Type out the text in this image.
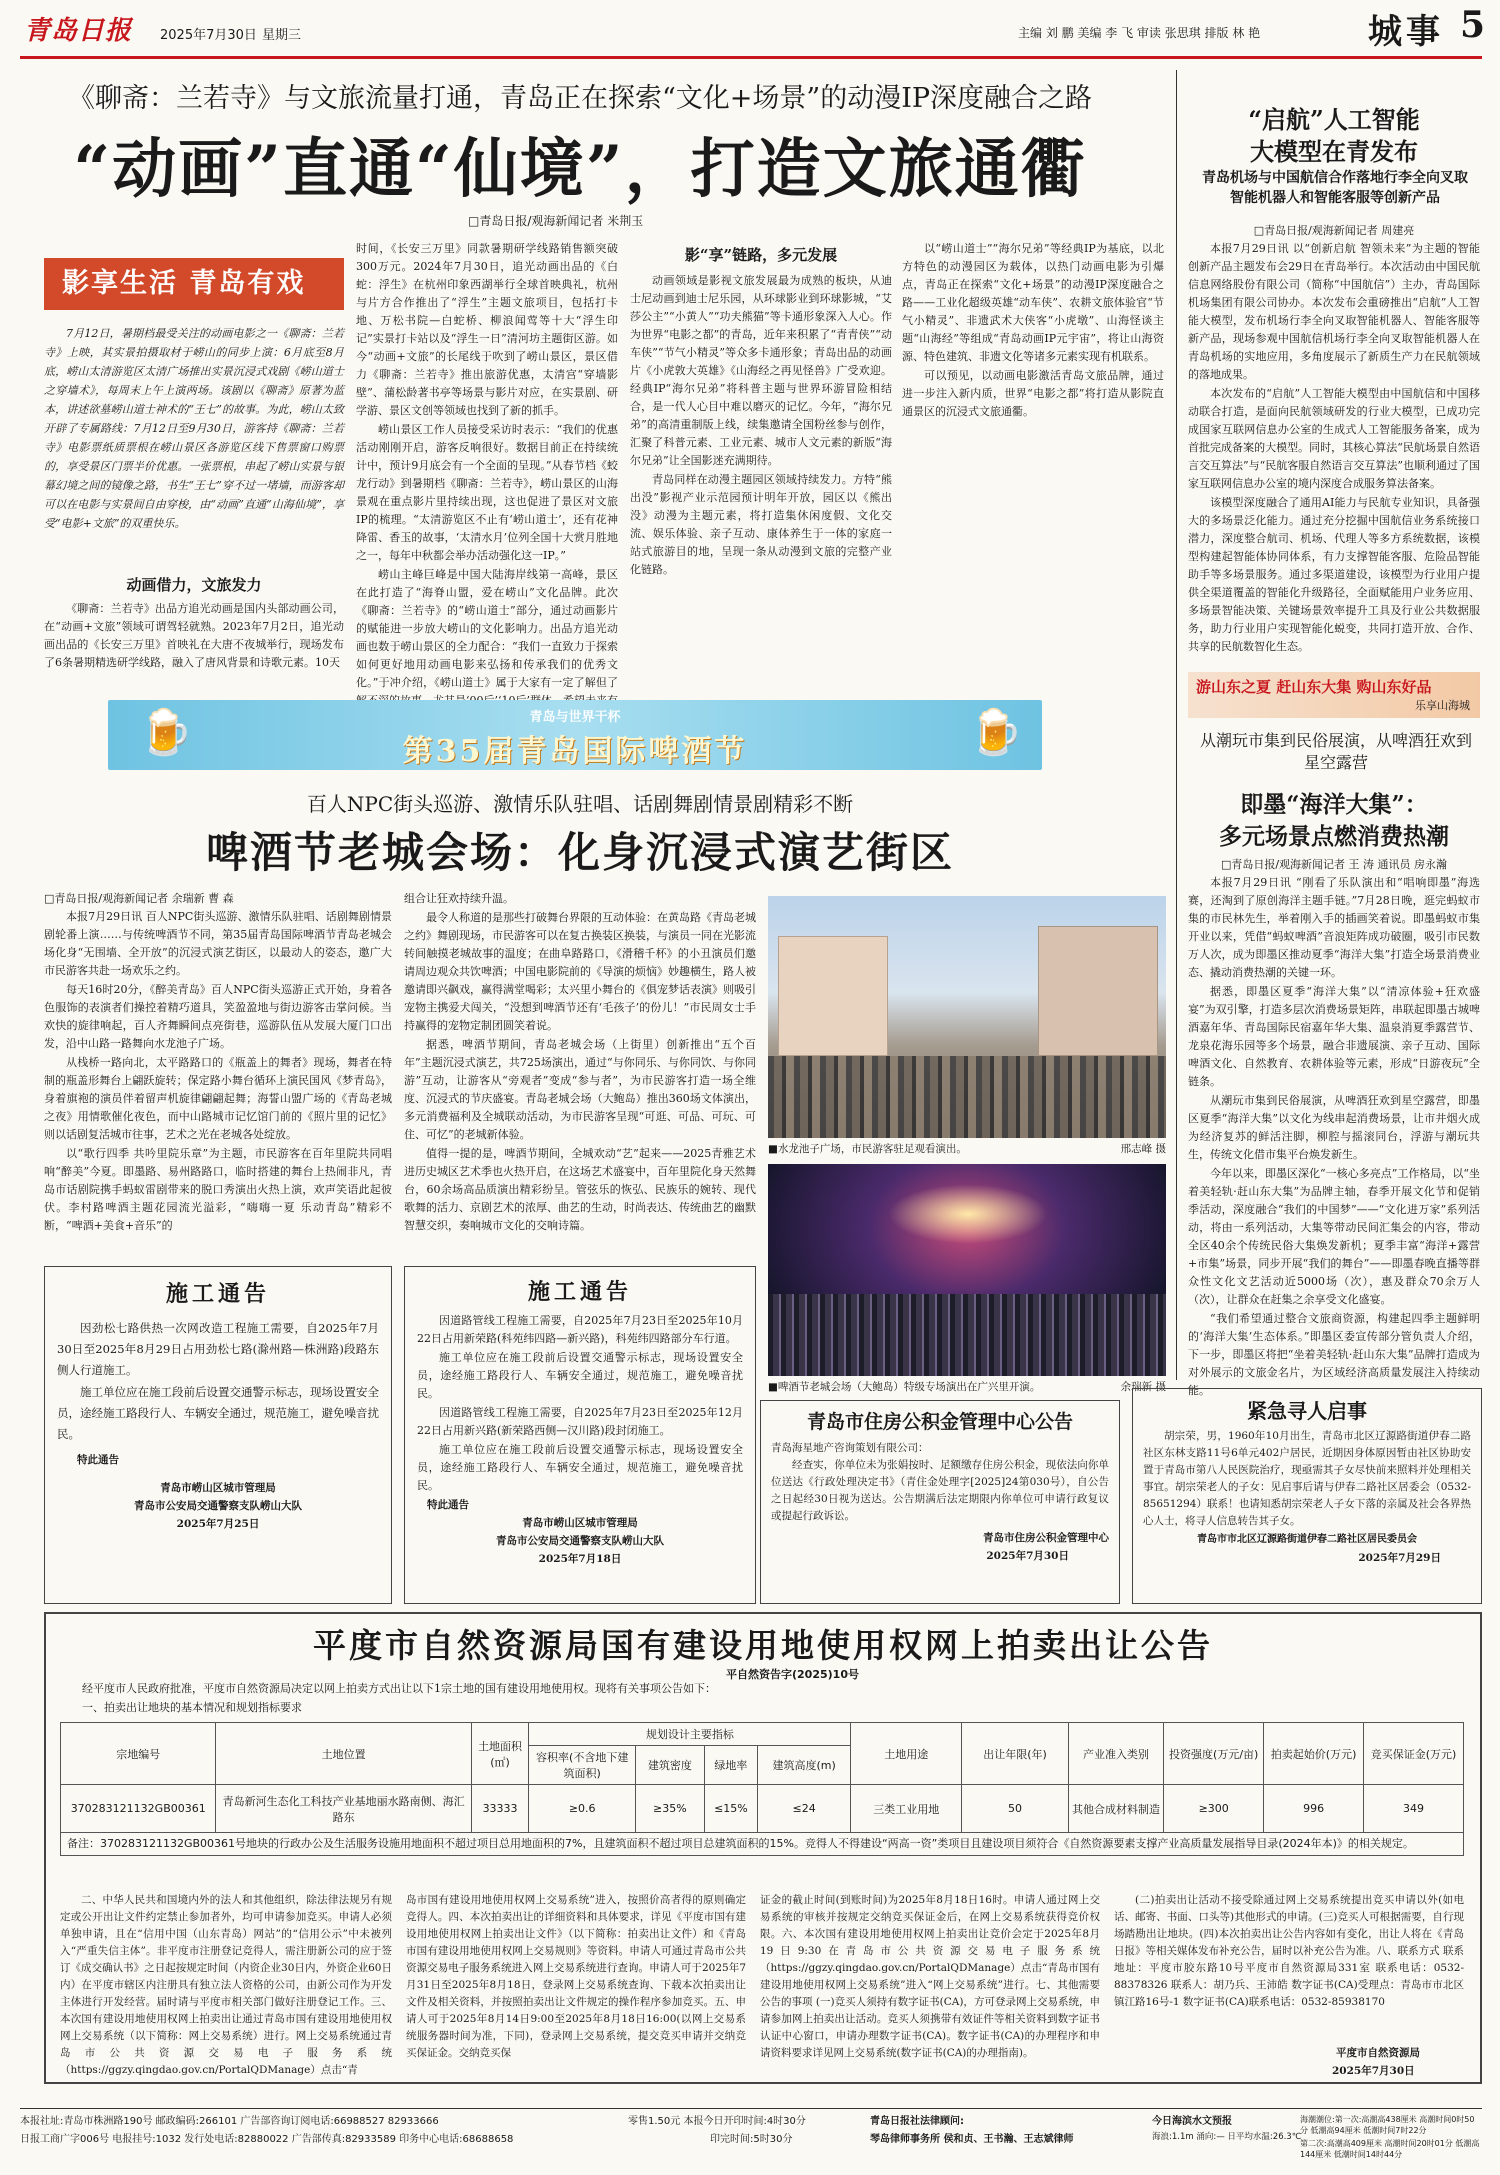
青岛日报 2025年7月30日 星期三	主编 刘 鹏 美编 李 飞 审读 张思琪 排版 林 艳	城事 5
《聊斋：兰若寺》与文旅流量打通，青岛正在探索“文化+场景”的动漫IP深度融合之路
“动画”直通“仙境”，打造文旅通衢
□青岛日报/观海新闻记者 米荆玉
影享生活 青岛有戏

7月12日，暑期档最受关注的动画电影之一《聊斋：兰若寺》上映，其实景拍摄取材于崂山的同步上演：6月底至8月底，崂山太清游览区太清广场推出实景沉浸式戏剧《崂山道士之穿墙术》，每周末上午上演两场。该剧以《聊斋》原著为蓝本，讲述欲墓崂山道士神术的“王七”的故事。为此，崂山太致开辟了专属路线：7月12日至9月30日，游客持《聊斋：兰若寺》电影票纸质票根在崂山景区各游览区线下售票窗口购票的，享受景区门票半价优惠。一张票根，串起了崂山实景与银幕幻境之间的镜像之路，书生“王七”穿不过一堵墙，而游客却可以在电影与实景间自由穿梭，由“动画”直通“山海仙境”，享受“电影+文旅”的双重快乐。

动画借力，文旅发力

《聊斋：兰若寺》出品方追光动画是国内头部动画公司，在“动画+文旅”领域可谓驾轻就熟。2023年7月2日，追光动画出品的《长安三万里》首映礼在大唐不夜城举行，现场发布了6条暑期精选研学线路，融入了唐风背景和诗歌元素。10天

时间，《长安三万里》同款暑期研学线路销售额突破300万元。2024年7月30日，追光动画出品的《白蛇：浮生》在杭州印象西湖举行全球首映典礼，杭州与片方合作推出了“浮生”主题文旅项目，包括打卡地、万松书院—白蛇桥、柳浪闻莺等十大“浮生印记”实景打卡站以及“浮生一日”清河坊主题街区游。如今“动画+文旅”的长尾线于吹到了崂山景区，景区借力《聊斋：兰若寺》推出旅游优惠，太清宫“穿墙影壁”、蒲松龄著书亭等场景与影片对应，在实景剧、研学游、景区文创等领域也找到了新的抓手。

崂山景区工作人员接受采访时表示：“我们的优惠活动刚刚开启，游客反响很好。数据目前正在持续统计中，预计9月底会有一个全面的呈现。”从春节档《蛟龙行动》到暑期档《聊斋：兰若寺》，崂山景区的山海景观在重点影片里持续出现，这也促进了景区对文旅IP的梳理。“太清游览区不止有‘崂山道士’，还有花神降雷、香玉的故事，‘太清水月’位列全国十大赏月胜地之一，每年中秋都会举办活动强化这一IP。”

崂山主峰巨峰是中国大陆海岸线第一高峰，景区在此打造了“海脊山盟，爱在崂山”文化品牌。此次《聊斋：兰若寺》的“崂山道士”部分，通过动画影片的赋能进一步放大崂山的文化影响力。出品方追光动画也数于崂山景区的全力配合：“我们一直致力于探索如何更好地用动画电影来弘扬和传承我们的优秀文化。”于冲介绍，《崂山道士》属于大家有一定了解但了

影“享”链路，多元发展

动画领域是影视文旅发展最为成熟的板块，从迪士尼动画到迪士尼乐园，从环球影业到环球影城，“艾莎公主”“小黄人”“功夫熊猫”等卡通形象深入人心。作为世界“电影之都”的青岛，近年来积累了“青青侠”“动车侠”“节气小精灵”等众多卡通形象；青岛出品的动画片《小虎敦大英雄》《山海经之再见怪兽》广受欢迎。经典IP“海尔兄弟”将科普主题与世界环游冒险相结合，是一代人心目中难以磨灭的记忆。今年，“海尔兄弟”的高清重制版上线，续集邀请全国粉丝参与创作，汇聚了科普元素、工业元素、城市人文元素的新版“海尔兄弟”让全国影迷充满期待。

青岛同样在动漫主题园区领域持续发力。方特“熊出没”影视产业示范园预计明年开放，园区以《熊出没》动漫为主题元素，将打造集休闲度假、文化交流、娱乐体验、亲子互动、康体养生于一体的家庭一站式旅游目的地，呈现一条从动漫到文旅的完整产业化链路。

以“崂山道士”“海尔兄弟”等经典IP为基底，以北方特色的动漫园区为载体，以热门动画电影为引爆点，青岛正在探索“文化+场景”的动漫IP深度融合之路——工业化超级英雄“动车侠”、农耕文旅体验官“节气小精灵”、非遗武术大侠客“小虎墩”、山海怪谈主题“山海经”等组成“青岛动画IP元宇宙”，将让山海资源、特色建筑、非遗文化等诸多元素实现有机联系。

可以预见，以动画电影激活青岛文旅品牌，通过进一步注入新内质，世界“电影之都”将打造从影院直通景区的沉浸式文旅通衢。

“启航”人工智能
大模型在青发布
青岛机场与中国航信合作落地行李全向叉取智能机器人和智能客服等创新产品
□青岛日报/观海新闻记者 周建亮

本报7月29日讯 以“创新启航 智领未来”为主题的智能创新产品主题发布会29日在青岛举行。本次活动由中国民航信息网络股份有限公司（简称“中国航信”）主办，青岛国际机场集团有限公司协办。本次发布会重磅推出“启航”人工智能大模型，发布机场行李全向叉取智能机器人、智能客服等新产品，现场参观中国航信机场行李全向叉取智能机器人在青岛机场的实地应用，多角度展示了新质生产力在民航领域的落地成果。

本次发布的“启航”人工智能大模型由中国航信和中国移动联合打造，是面向民航领域研发的行业大模型，已成功完成国家互联网信息办公室的生成式人工智能服务备案，成为首批完成备案的大模型。同时，其核心算法“民航场景自然语言交互算法”与“民航客服自然语言交互算法”也顺利通过了国家互联网信息办公室的境内深度合成服务算法备案。

该模型深度融合了通用AI能力与民航专业知识，具备强大的多场景泛化能力。通过充分挖掘中国航信业务系统接口潜力，深度整合航司、机场、代理人等多方系统数据，该模型构建起智能体协同体系，有力支撑智能客服、危险品智能助手等多场景服务。通过多渠道建设，该模型为行业用户提供全渠道覆盖的智能化升级路径，全面赋能用户业务应用、多场景智能决策、关键场景效率提升工具及行业公共数据服务，助力行业用户实现智能化蜕变，共同打造开放、合作、共享的民航数智化生态。

游山东之夏 赶山东大集 购山东好品
乐享山海城
从潮玩市集到民俗展演，从啤酒狂欢到星空露营
即墨“海洋大集”：
多元场景点燃消费热潮
□青岛日报/观海新闻记者 王 涛 通讯员 房永瀚

本报7月29日讯 “刚看了乐队演出和“唱响即墨”海选赛，还淘到了原创海洋主题手链。”7月28日晚，逛完蚂蚁市集的市民林先生，举着刚入手的插画笑着说。即墨蚂蚁市集开业以来，凭借“蚂蚁啤酒”音浪矩阵成功破圈，吸引市民数万人次，成为即墨区推动夏季“海洋大集”打造全场景消费业态、撬动消费热潮的关键一环。

据悉，即墨区夏季“海洋大集”以“清凉体验+狂欢盛宴”为双引擎，打造多层次消费场景矩阵，串联起即墨古城啤酒嘉年华、青岛国际民宿嘉年华大集、温泉消夏季露营节、龙泉花海乐园等多个场景，融合非遗展演、亲子互动、国际啤酒文化、自然教育、农耕体验等元素，形成“日游夜玩”全链条。

从潮玩市集到民俗展演，从啤酒狂欢到星空露营，即墨区夏季“海洋大集”以文化为线串起消费场景，让市井烟火成为经济复苏的鲜活注脚，柳腔与摇滚同台，浮游与潮玩共生，传统文化借市集平台焕发新生。

今年以来，即墨区深化“一核心多亮点”工作格局，以“坐着美轻轨·赶山东大集”为品牌主轴，春季开展文化节和促销季活动，深度融合“我们的中国梦”——“文化进万家”系列活动，将由一系列活动，大集等带动民间汇集会的内容，带动全区40余个传统民俗大集焕发新机；夏季丰富“海洋+露营+市集”场景，同步开展“我们的舞台”——即墨春晚直播等群众性文化文艺活动近5000场（次），惠及群众70余万人（次），让群众在赶集之余享受文化盛宴。

“我们希望通过整合文旅商资源，构建起四季主题鲜明的‘海洋大集’生态体系。”即墨区委宣传部分管负责人介绍，下一步，即墨区将把“坐着美轻轨·赶山东大集”品牌打造成为对外展示的文旅金名片，为区域经济高质量发展注入持续动能。

🍺	🍺
青岛与世界干杯
第35届青岛国际啤酒节
百人NPC街头巡游、激情乐队驻唱、话剧舞剧情景剧精彩不断
啤酒节老城会场：化身沉浸式演艺街区
□青岛日报/观海新闻记者 余瑞新 曹 森

本报7月29日讯 百人NPC街头巡游、激情乐队驻唱、话剧舞剧情景剧轮番上演……与传统啤酒节不同，第35届青岛国际啤酒节青岛老城会场化身“无围墙、全开放”的沉浸式演艺街区，以最动人的姿态，邀广大市民游客共赴一场欢乐之约。

每天16时20分，《醉美青岛》百人NPC街头巡游正式开始，身着各色服饰的表演者们操控着精巧道具，笑盈盈地与街边游客击掌问候。当欢快的旋律响起，百人齐舞瞬间点亮街巷，巡游队伍从发展大厦门口出发，沿中山路一路舞向水龙池子广场。

从栈桥一路向北，太平路路口的《瓶盖上的舞者》现场，舞者在特制的瓶盖形舞台上翩跃旋转；保定路小舞台循环上演民国风《梦青岛》，身着旗袍的演员伴着留声机旋律翩翩起舞；海誓山盟广场的《青岛老城之夜》用情歌催化夜色，而中山路城市记忆馆门前的《照片里的记忆》则以话剧复活城市往事，艺术之光在老城各处绽放。

以“歌行四季 共吟里院乐章”为主题，市民游客在百年里院共同唱响“醉美”今夏。即墨路、易州路路口，临时搭建的舞台上热闹非凡，青岛市话剧院携手蚂蚁雷剧带来的脱口秀演出火热上演，欢声笑语此起彼伏。李村路啤酒主题花园流光溢彩，“嗨嗨一夏 乐动青岛”精彩不断，“啤酒+美食+音乐”的

组合让狂欢持续升温。

最令人称道的是那些打破舞台界限的互动体验：在黄岛路《青岛老城之约》舞剧现场，市民游客可以在复古换装区换装，与演员一同在光影流转间触摸老城故事的温度；在曲阜路路口，《滑稽千杯》的小丑演员们邀请周边观众共饮啤酒；中国电影院前的《导演的烦恼》妙趣横生，路人被邀请即兴飙戏，赢得满堂喝彩；太兴里小舞台的《俱宠梦话表演》则吸引宠物主携爱犬闯关，“没想到啤酒节还有‘毛孩子’的份儿！”市民周女士手持赢得的宠物定制团圆笑着说。

据悉，啤酒节期间，青岛老城会场（上街里）创新推出“五个百年”主题沉浸式演艺，共725场演出，通过“与你同乐、与你同饮、与你同游”互动，让游客从“旁观者”变成“参与者”，为市民游客打造一场全维度、沉浸式的节庆盛宴。青岛老城会场（大鲍岛）推出360场文体演出，多元消费福利及全城联动活动，为市民游客呈现“可逛、可品、可玩、可住、可忆”的老城新体验。

值得一提的是，啤酒节期间，全城欢动“艺”起来——2025青雅艺术进历史城区艺术季也火热开启，在这场艺术盛宴中，百年里院化身天然舞台，60余场高品质演出精彩纷呈。管弦乐的恢弘、民族乐的婉转、现代歌舞的活力、京剧艺术的浓厚、曲艺的生动，时尚表达、传统曲艺的幽默智慧交织，奏响城市文化的交响诗篇。

■水龙池子广场，市民游客驻足观看演出。	邢志峰 摄
■啤酒节老城会场（大鲍岛）特级专场演出在广兴里开演。	余瑞新 摄
施工通告

因劲松七路供热一次网改造工程施工需要，自2025年7月30日至2025年8月29日占用劲松七路(滁州路—株洲路)段路东侧人行道施工。

施工单位应在施工段前后设置交通警示标志，现场设置安全员，途经施工路段行人、车辆安全通过，规范施工，避免噪音扰民。

特此通告
青岛市崂山区城市管理局
青岛市公安局交通警察支队崂山大队
2025年7月25日
施工通告

因道路管线工程施工需要，自2025年7月23日至2025年10月22日占用新荣路(科苑纬四路—新兴路)，科苑纬四路部分车行道。

施工单位应在施工段前后设置交通警示标志，现场设置安全员，途经施工路段行人、车辆安全通过，规范施工，避免噪音扰民。

因道路管线工程施工需要，自2025年7月23日至2025年12月22日占用新兴路(新荣路西侧—汉川路)段封闭施工。

施工单位应在施工段前后设置交通警示标志，现场设置安全员，途经施工路段行人、车辆安全通过，规范施工，避免噪音扰民。

特此通告
青岛市崂山区城市管理局
青岛市公安局交通警察支队崂山大队
2025年7月18日
青岛市住房公积金管理中心公告
青岛海星地产咨询策划有限公司：

经查实，你单位未为张娟按时、足额缴存住房公积金，现依法向你单位送达《行政处理决定书》（青住金处理字[2025]24第030号），自公告之日起经30日视为送达。公告期满后法定期限内你单位可申请行政复议或提起行政诉讼。

青岛市住房公积金管理中心
2025年7月30日
紧急寻人启事

胡宗荣，男，1960年10月出生，青岛市北区辽源路街道伊春二路社区东林支路11号6单元402户居民，近期因身体原因暂由社区协助安置于青岛市第八人民医院治疗，现亟需其子女尽快前来照料并处理相关事宜。胡宗荣老人的子女：见启事后请与伊春二路社区居委会（0532-85651294）联系！也请知悉胡宗荣老人子女下落的亲属及社会各界热心人士，将寻人信息转告其子女。

青岛市市北区辽源路街道伊春二路社区居民委员会
2025年7月29日
平度市自然资源局国有建设用地使用权网上拍卖出让公告
平自然资告字(2025)10号

经平度市人民政府批准，平度市自然资源局决定以网上拍卖方式出让以下1宗土地的国有建设用地使用权。现将有关事项公告如下：

一、拍卖出让地块的基本情况和规划指标要求
宗地编号	土地位置	土地面积(㎡)	规划设计主要指标				土地用途	出让年限(年)	产业准入类别	投资强度(万元/亩)	拍卖起始价(万元)	竞买保证金(万元)
			容积率(不含地下建筑面积)	建筑密度	绿地率	建筑高度(m)						
370283121132GB00361	青岛新河生态化工科技产业基地丽水路南侧、海汇路东	33333	≥0.6	≥35%	≤15%	≤24	三类工业用地	50	其他合成材料制造	≥300	996	349
备注：370283121132GB00361号地块的行政办公及生活服务设施用地面积不超过项目总用地面积的7%，且建筑面积不超过项目总建筑面积的15%。竞得人不得建设“两高一资”类项目且建设项目须符合《自然资源要素支撑产业高质量发展指导目录(2024年本)》的相关规定。												

二、中华人民共和国境内外的法人和其他组织，除法律法规另有规定或公开出让文件约定禁止参加者外，均可申请参加竞买。申请人必须单独申请，且在“信用中国（山东青岛）网站”的“信用公示”中未被列入“严重失信主体”。非平度市注册登记竞得人，需注册新公司的应于签订《成交确认书》之日起按规定时间（内资企业30日内，外资企业60日内）在平度市辖区内注册具有独立法人资格的公司，由新公司作为开发主体进行开发经营。届时请与平度市相关部门做好注册登记工作。三、本次国有建设用地使用权网上拍卖出让通过青岛市国有建设用地使用权网上交易系统（以下简称：网上交易系统）进行。网上交易系统通过青岛市公共资源交易电子服务系统（https://ggzy.qingdao.gov.cn/PortalQDManage）点击“青

岛市国有建设用地使用权网上交易系统”进入，按照价高者得的原则确定竞得人。四、本次拍卖出让的详细资料和具体要求，详见《平度市国有建设用地使用权网上拍卖出让文件》（以下简称：拍卖出让文件）和《青岛市国有建设用地使用权网上交易规则》等资料。申请人可通过青岛市公共资源交易电子服务系统进入网上交易系统进行查询。申请人可于2025年7月31日至2025年8月18日，登录网上交易系统查询、下载本次拍卖出让文件及相关资料，并按照拍卖出让文件规定的操作程序参加竞买。五、申请人可于2025年8月14日9:00至2025年8月18日16:00(以网上交易系统服务器时间为准，下同)，登录网上交易系统，提交竞买申请并交纳竞买保证金。交纳竞买保

证金的截止时间(到账时间)为2025年8月18日16时。申请人通过网上交易系统的审核并按规定交纳竞买保证金后，在网上交易系统获得竞价权限。六、本次国有建设用地使用权网上拍卖出让竞价会定于2025年8月19日9:30在青岛市公共资源交易电子服务系统（https://ggzy.qingdao.gov.cn/PortalQDManage）点击“青岛市国有建设用地使用权网上交易系统”进入“网上交易系统”进行。七、其他需要公告的事项 (一)竞买人须持有数字证书(CA)，方可登录网上交易系统，申请参加网上拍卖出让活动。竞买人须携带有效证件等相关资料到数字证书认证中心窗口，申请办理数字证书(CA)。数字证书(CA)的办理程序和申请资料要求详见网上交易系统(数字证书(CA)的办理指南)。

(二)拍卖出让活动不接受除通过网上交易系统提出竞买申请以外(如电话、邮寄、书面、口头等)其他形式的申请。(三)竞买人可根据需要，自行现场踏勘出让地块。(四)本次拍卖出让公告内容如有变化，出让人将在《青岛日报》等相关媒体发布补充公告，届时以补充公告为准。八、联系方式 联系地址：平度市胶东路10号平度市自然资源局331室 联系电话：0532-88378326 联系人：胡乃兵、王沛皓 数字证书(CA)受理点：青岛市市北区镇江路16号-1 数字证书(CA)联系电话：0532-85938170

平度市自然资源局
2025年7月30日
本报社址:青岛市株洲路190号 邮政编码:266101 广告部咨询订阅电话:66988527 82933666
日报工商广字006号 电报挂号:1032 发行处电话:82880022 广告部传真:82933589 印务中心电话:68688658
零售1.50元 本报今日开印时间:4时30分
印完时间:5时30分
青岛日报社法律顾问:
琴岛律师事务所 侯和贞、王书瀚、王志斌律师
今日海滨水文预报
海浪:1.1m 涌向:— 日平均水温:26.3℃
海潮潮位:第一次:高潮高438厘米 高潮时间0时50分 低潮高94厘米 低潮时间7时22分
第二次:高潮高409厘米 高潮时间20时01分 低潮高144厘米 低潮时间14时44分
